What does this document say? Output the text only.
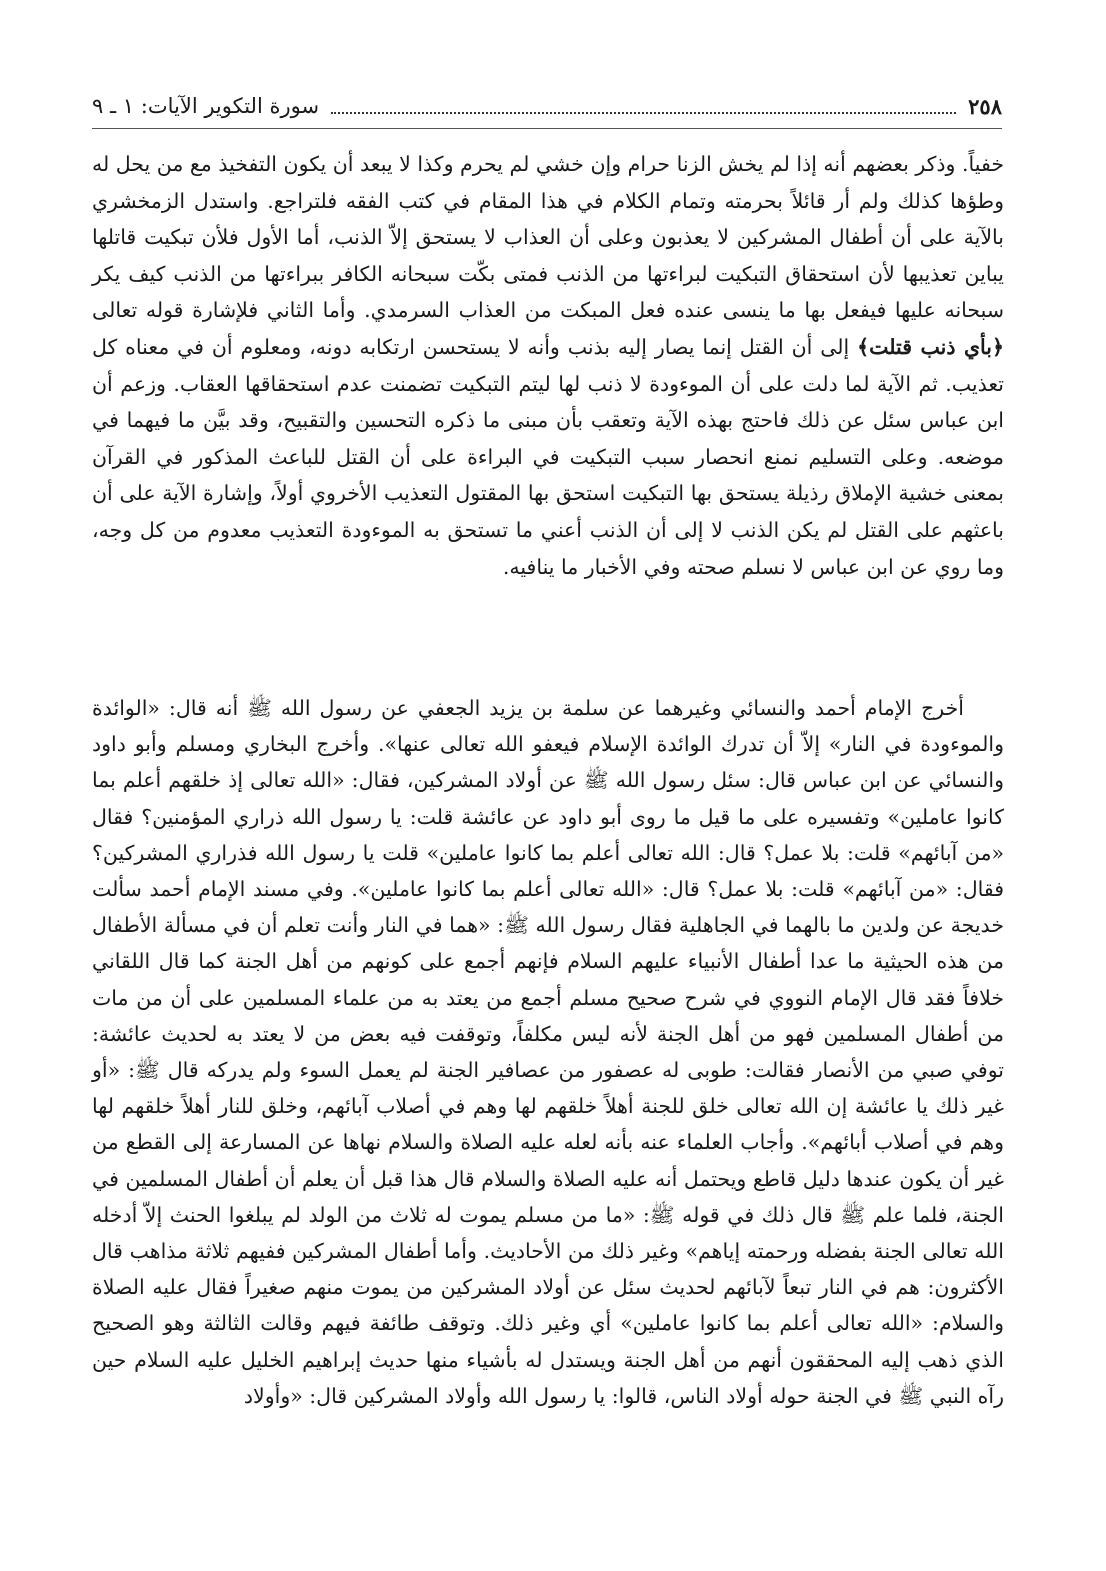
٢٥٨
سورة التكوير الآيات: ١ ـ ٩

خفياً. وذكر بعضهم أنه إذا لم يخش الزنا حرام وإن خشي لم يحرم وكذا لا يبعد أن يكون التفخيذ مع من يحل له وطؤها كذلك ولم أر قائلاً بحرمته وتمام الكلام في هذا المقام في كتب الفقه فلتراجع. واستدل الزمخشري بالآية على أن أطفال المشركين لا يعذبون وعلى أن العذاب لا يستحق إلاّ الذنب، أما الأول فلأن تبكيت قاتلها يباين تعذيبها لأن استحقاق التبكيت لبراءتها من الذنب فمتى بكّت سبحانه الكافر ببراءتها من الذنب كيف يكر سبحانه عليها فيفعل بها ما ينسى عنده فعل المبكت من العذاب السرمدي. وأما الثاني فلإشارة قوله تعالى ﴿بأي ذنب قتلت﴾ إلى أن القتل إنما يصار إليه بذنب وأنه لا يستحسن ارتكابه دونه، ومعلوم أن في معناه كل تعذيب. ثم الآية لما دلت على أن الموءودة لا ذنب لها ليتم التبكيت تضمنت عدم استحقاقها العقاب. وزعم أن ابن عباس سئل عن ذلك فاحتج بهذه الآية وتعقب بأن مبنى ما ذكره التحسين والتقبيح، وقد بيَّن ما فيهما في موضعه. وعلى التسليم نمنع انحصار سبب التبكيت في البراءة على أن القتل للباعث المذكور في القرآن بمعنى خشية الإملاق رذيلة يستحق بها التبكيت استحق بها المقتول التعذيب الأخروي أولاً، وإشارة الآية على أن باعثهم على القتل لم يكن الذنب لا إلى أن الذنب أعني ما تستحق به الموءودة التعذيب معدوم من كل وجه، وما روي عن ابن عباس لا نسلم صحته وفي الأخبار ما ينافيه.

أخرج الإمام أحمد والنسائي وغيرهما عن سلمة بن يزيد الجعفي عن رسول الله ﷺ أنه قال: «الوائدة والموءودة في النار» إلاّ أن تدرك الوائدة الإسلام فيعفو الله تعالى عنها». وأخرج البخاري ومسلم وأبو داود والنسائي عن ابن عباس قال: سئل رسول الله ﷺ عن أولاد المشركين، فقال: «الله تعالى إذ خلقهم أعلم بما كانوا عاملين» وتفسيره على ما قيل ما روى أبو داود عن عائشة قلت: يا رسول الله ذراري المؤمنين؟ فقال «من آبائهم» قلت: بلا عمل؟ قال: الله تعالى أعلم بما كانوا عاملين» قلت يا رسول الله فذراري المشركين؟ فقال: «من آبائهم» قلت: بلا عمل؟ قال: «الله تعالى أعلم بما كانوا عاملين». وفي مسند الإمام أحمد سألت خديجة عن ولدين ما بالهما في الجاهلية فقال رسول الله ﷺ: «هما في النار وأنت تعلم أن في مسألة الأطفال من هذه الحيثية ما عدا أطفال الأنبياء عليهم السلام فإنهم أجمع على كونهم من أهل الجنة كما قال اللقاني خلافاً فقد قال الإمام النووي في شرح صحيح مسلم أجمع من يعتد به من علماء المسلمين على أن من مات من أطفال المسلمين فهو من أهل الجنة لأنه ليس مكلفاً، وتوقفت فيه بعض من لا يعتد به لحديث عائشة: توفي صبي من الأنصار فقالت: طوبى له عصفور من عصافير الجنة لم يعمل السوء ولم يدركه قال ﷺ: «أو غير ذلك يا عائشة إن الله تعالى خلق للجنة أهلاً خلقهم لها وهم في أصلاب آبائهم، وخلق للنار أهلاً خلقهم لها وهم في أصلاب أبائهم». وأجاب العلماء عنه بأنه لعله عليه الصلاة والسلام نهاها عن المسارعة إلى القطع من غير أن يكون عندها دليل قاطع ويحتمل أنه عليه الصلاة والسلام قال هذا قبل أن يعلم أن أطفال المسلمين في الجنة، فلما علم ﷺ قال ذلك في قوله ﷺ: «ما من مسلم يموت له ثلاث من الولد لم يبلغوا الحنث إلاّ أدخله الله تعالى الجنة بفضله ورحمته إياهم» وغير ذلك من الأحاديث. وأما أطفال المشركين ففيهم ثلاثة مذاهب قال الأكثرون: هم في النار تبعاً لآبائهم لحديث سئل عن أولاد المشركين من يموت منهم صغيراً فقال عليه الصلاة والسلام: «الله تعالى أعلم بما كانوا عاملين» أي وغير ذلك. وتوقف طائفة فيهم وقالت الثالثة وهو الصحيح الذي ذهب إليه المحققون أنهم من أهل الجنة ويستدل له بأشياء منها حديث إبراهيم الخليل عليه السلام حين رآه النبي ﷺ في الجنة حوله أولاد الناس، قالوا: يا رسول الله وأولاد المشركين قال: «وأولاد
